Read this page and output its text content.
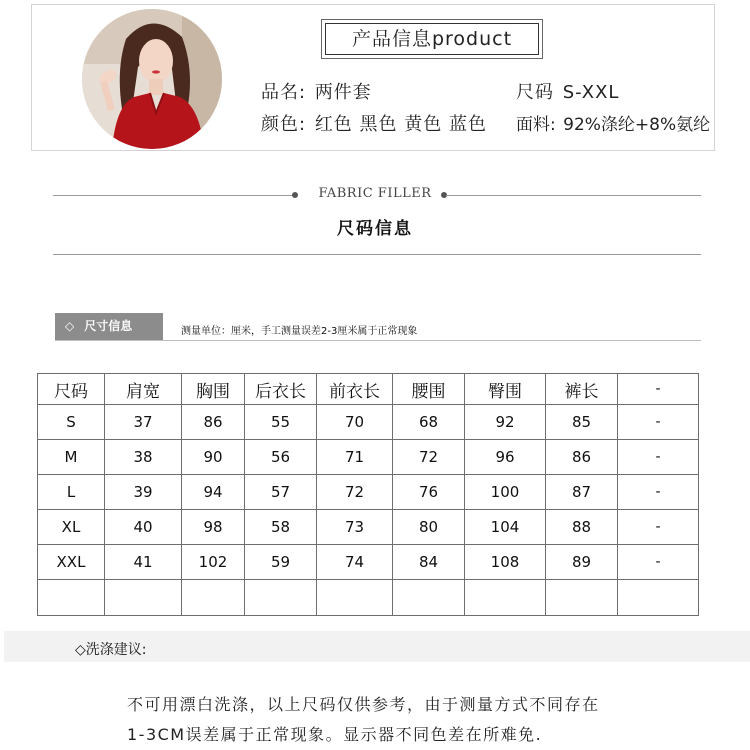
产品信息product
品名: 两件套	尺码 S-XXL
颜色: 红色 黑色 黄色 蓝色 面料: 92%涤纶+8%氨纶
FABRIC FILLER
尺码信息
◇ 尺寸信息	测量单位：厘米，手工测量误差2-3厘米属于正常现象
尺码	肩宽	胸围	后衣长	前衣长	腰围	臀围	裤长	-
S	37	86	55	70	68	92	85	-
M	38	90	56	71	72	96	86	-
L	39	94	57	72	76	100	87	-
XL	40	98	58	73	80	104	88	-
XXL	41	102	59	74	84	108	89	-

◇洗涤建议:
不可用漂白洗涤，以上尺码仅供参考，由于测量方式不同存在
1-3CM误差属于正常现象。显示器不同色差在所难免.
